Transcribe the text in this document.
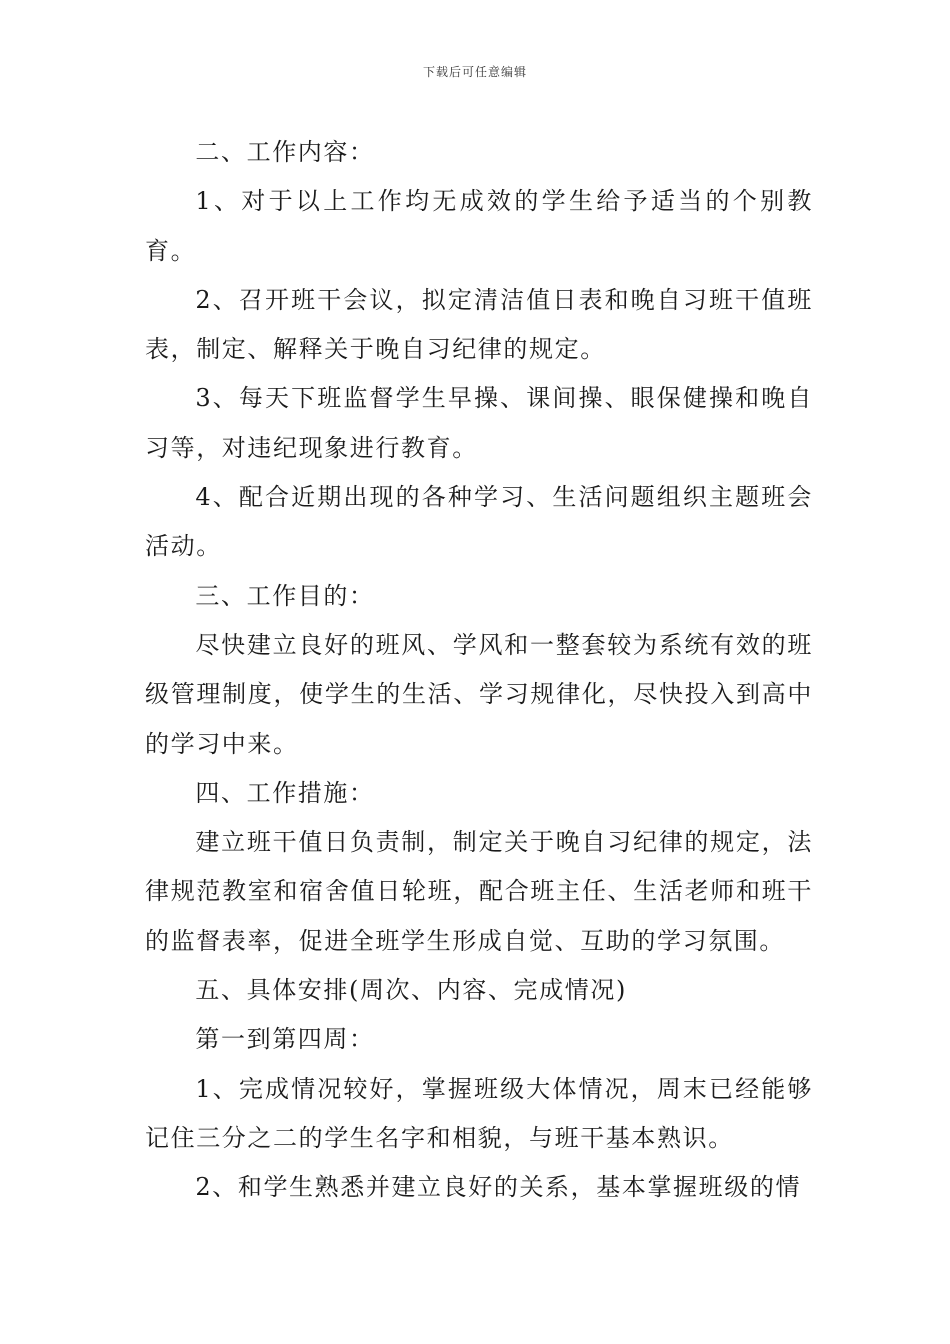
下载后可任意编辑

二、工作内容：

1、对于以上工作均无成效的学生给予适当的个别教育。

2、召开班干会议，拟定清洁值日表和晚自习班干值班表，制定、解释关于晚自习纪律的规定。

3、每天下班监督学生早操、课间操、眼保健操和晚自习等，对违纪现象进行教育。

4、配合近期出现的各种学习、生活问题组织主题班会活动。

三、工作目的：

尽快建立良好的班风、学风和一整套较为系统有效的班级管理制度，使学生的生活、学习规律化，尽快投入到高中的学习中来。

四、工作措施：

建立班干值日负责制，制定关于晚自习纪律的规定，法律规范教室和宿舍值日轮班，配合班主任、生活老师和班干的监督表率，促进全班学生形成自觉、互助的学习氛围。

五、具体安排(周次、内容、完成情况)

第一到第四周：

1、完成情况较好，掌握班级大体情况，周末已经能够记住三分之二的学生名字和相貌，与班干基本熟识。

2、和学生熟悉并建立良好的关系，基本掌握班级的情
